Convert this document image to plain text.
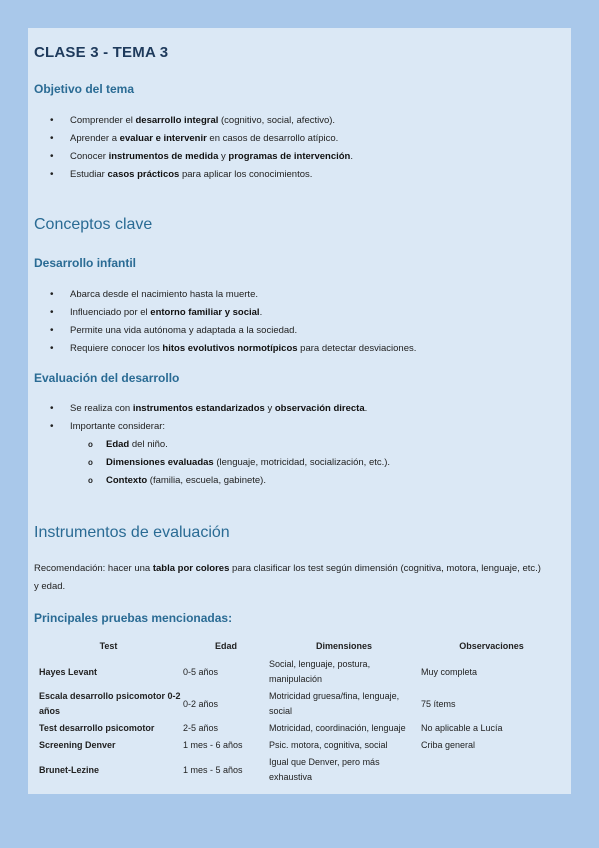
CLASE 3 - TEMA 3
Objetivo del tema
• Comprender el desarrollo integral (cognitivo, social, afectivo).
• Aprender a evaluar e intervenir en casos de desarrollo atípico.
• Conocer instrumentos de medida y programas de intervención.
• Estudiar casos prácticos para aplicar los conocimientos.
Conceptos clave
Desarrollo infantil
• Abarca desde el nacimiento hasta la muerte.
• Influenciado por el entorno familiar y social.
• Permite una vida autónoma y adaptada a la sociedad.
• Requiere conocer los hitos evolutivos normotípicos para detectar desviaciones.
Evaluación del desarrollo
• Se realiza con instrumentos estandarizados y observación directa.
• Importante considerar:
o Edad del niño.
o Dimensiones evaluadas (lenguaje, motricidad, socialización, etc.).
o Contexto (familia, escuela, gabinete).
Instrumentos de evaluación
Recomendación: hacer una tabla por colores para clasificar los test según dimensión (cognitiva, motora, lenguaje, etc.) y edad.
Principales pruebas mencionadas:
Test	Edad	Dimensiones	Observaciones
Hayes Levant	0-5 años	Social, lenguaje, postura, manipulación	Muy completa
Escala desarrollo psicomotor 0-2 años	0-2 años	Motricidad gruesa/fina, lenguaje, social	75 ítems
Test desarrollo psicomotor	2-5 años	Motricidad, coordinación, lenguaje	No aplicable a Lucía
Screening Denver	1 mes - 6 años	Psic. motora, cognitiva, social	Criba general
Brunet-Lezine	1 mes - 5 años	Igual que Denver, pero más exhaustiva	
